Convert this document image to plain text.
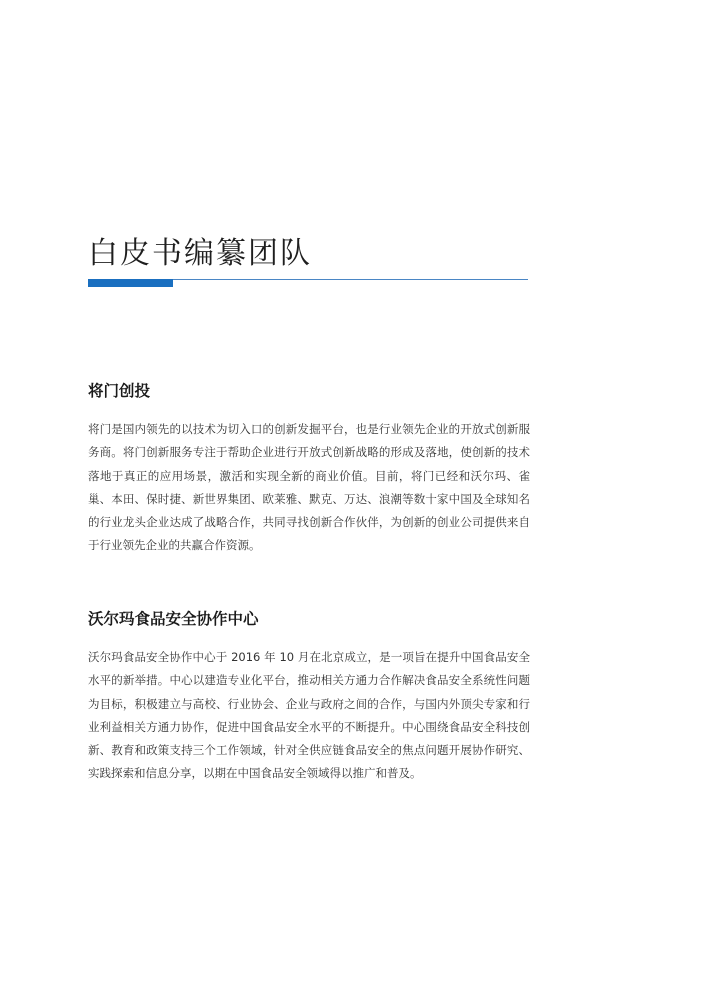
白皮书编纂团队
将门创投

将门是国内领先的以技术为切入口的创新发掘平台，也是行业领先企业的开放式创新服务商。将门创新服务专注于帮助企业进行开放式创新战略的形成及落地，使创新的技术落地于真正的应用场景，激活和实现全新的商业价值。目前，将门已经和沃尔玛、雀巢、本田、保时捷、新世界集团、欧莱雅、默克、万达、浪潮等数十家中国及全球知名的行业龙头企业达成了战略合作，共同寻找创新合作伙伴，为创新的创业公司提供来自于行业领先企业的共赢合作资源。

沃尔玛食品安全协作中心

沃尔玛食品安全协作中心于 2016 年 10 月在北京成立，是一项旨在提升中国食品安全水平的新举措。中心以建造专业化平台，推动相关方通力合作解决食品安全系统性问题为目标，积极建立与高校、行业协会、企业与政府之间的合作，与国内外顶尖专家和行业利益相关方通力协作，促进中国食品安全水平的不断提升。中心围绕食品安全科技创新、教育和政策支持三个工作领域，针对全供应链食品安全的焦点问题开展协作研究、实践探索和信息分享，以期在中国食品安全领域得以推广和普及。
